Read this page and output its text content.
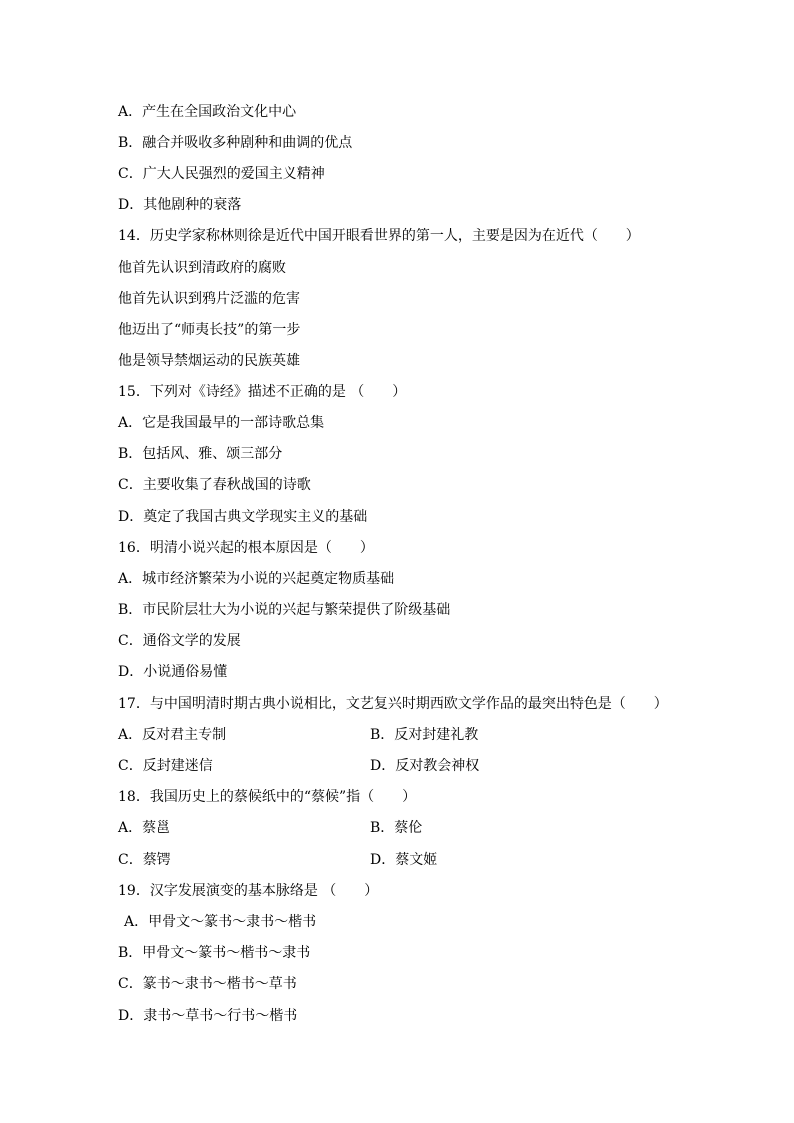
A．产生在全国政治文化中心
B．融合并吸收多种剧种和曲调的优点
C．广大人民强烈的爱国主义精神
D．其他剧种的衰落
14．历史学家称林则徐是近代中国开眼看世界的第一人，主要是因为在近代（　　）
他首先认识到清政府的腐败
他首先认识到鸦片泛滥的危害
他迈出了“师夷长技”的第一步
他是领导禁烟运动的民族英雄
15．下列对《诗经》描述不正确的是 （　　）
A．它是我国最早的一部诗歌总集
B．包括风、雅、颂三部分
C．主要收集了春秋战国的诗歌
D．奠定了我国古典文学现实主义的基础
16．明清小说兴起的根本原因是（　　）
A．城市经济繁荣为小说的兴起奠定物质基础
B．市民阶层壮大为小说的兴起与繁荣提供了阶级基础
C．通俗文学的发展
D．小说通俗易懂
17．与中国明清时期古典小说相比，文艺复兴时期西欧文学作品的最突出特色是（　　）
A．反对君主专制	B．反对封建礼教
C．反封建迷信	D．反对教会神权
18．我国历史上的蔡候纸中的“蔡候”指（　　）
A．蔡邕	B．蔡伦
C．蔡锷	D．蔡文姬
19．汉字发展演变的基本脉络是 （　　）
A．甲骨文～篆书～隶书～楷书
B．甲骨文～篆书～楷书～隶书
C．篆书～隶书～楷书～草书
D．隶书～草书～行书～楷书
